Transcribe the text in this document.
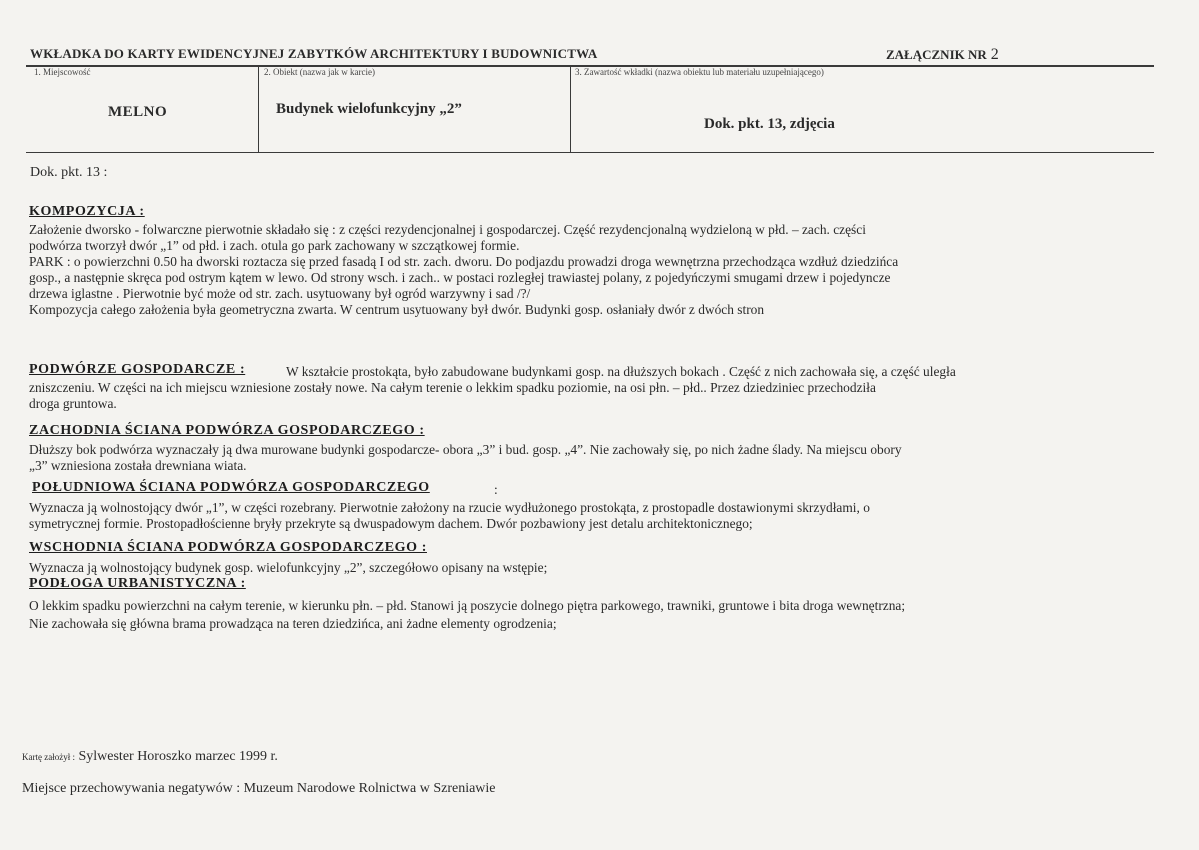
WKŁADKA DO KARTY EWIDENCYJNEJ ZABYTKÓW ARCHITEKTURY I BUDOWNICTWA	ZAŁĄCZNIK NR 2
1. Miejscowość
MELNO
2. Obiekt (nazwa jak w karcie)
Budynek wielofunkcyjny „2”
3. Zawartość wkładki (nazwa obiektu lub materiału uzupełniającego)
Dok. pkt. 13, zdjęcia
Dok. pkt. 13 :
KOMPOZYCJA :
Założenie dworsko - folwarczne pierwotnie składało się : z części rezydencjonalnej i gospodarczej. Część rezydencjonalną wydzieloną w płd. – zach. części
podwórza tworzył dwór „1” od płd. i zach. otula go park zachowany w szczątkowej formie.
PARK : o powierzchni 0.50 ha dworski roztacza się przed fasadą I od str. zach. dworu. Do podjazdu prowadzi droga wewnętrzna przechodząca wzdłuż dziedzińca
gosp., a następnie skręca pod ostrym kątem w lewo. Od strony wsch. i zach.. w postaci rozległej trawiastej polany, z pojedyńczymi smugami drzew i pojedyncze
drzewa iglastne . Pierwotnie być może od str. zach. usytuowany był ogród warzywny i sad /?/
Kompozycja całego założenia była geometryczna zwarta. W centrum usytuowany był dwór. Budynki gosp. osłaniały dwór z dwóch stron
PODWÓRZE GOSPODARCZE :	W kształcie prostokąta, było zabudowane budynkami gosp. na dłuższych bokach . Część z nich zachowała się, a część uległa
zniszczeniu. W części na ich miejscu wzniesione zostały nowe. Na całym terenie o lekkim spadku poziomie, na osi płn. – płd.. Przez dziedziniec przechodziła
droga gruntowa.
ZACHODNIA ŚCIANA PODWÓRZA GOSPODARCZEGO :
Dłuższy bok podwórza wyznaczały ją dwa murowane budynki gospodarcze- obora „3” i bud. gosp. „4”. Nie zachowały się, po nich żadne ślady. Na miejscu obory
„3” wzniesiona została drewniana wiata.
POŁUDNIOWA ŚCIANA PODWÓRZA GOSPODARCZEGO	:
Wyznacza ją wolnostojący dwór „1”, w części rozebrany. Pierwotnie założony na rzucie wydłużonego prostokąta, z prostopadle dostawionymi skrzydłami, o
symetrycznej formie. Prostopadłościenne bryły przekryte są dwuspadowym dachem. Dwór pozbawiony jest detalu architektonicznego;
WSCHODNIA ŚCIANA PODWÓRZA GOSPODARCZEGO :
Wyznacza ją wolnostojący budynek gosp. wielofunkcyjny „2”, szczegółowo opisany na wstępie;
PODŁOGA URBANISTYCZNA :
O lekkim spadku powierzchni na całym terenie, w kierunku płn. – płd. Stanowi ją poszycie dolnego piętra parkowego, trawniki, gruntowe i bita droga wewnętrzna;
Nie zachowała się główna brama prowadząca na teren dziedzińca, ani żadne elementy ogrodzenia;
Kartę założył : Sylwester Horoszko marzec 1999 r.
Miejsce przechowywania negatywów : Muzeum Narodowe Rolnictwa w Szreniawie
